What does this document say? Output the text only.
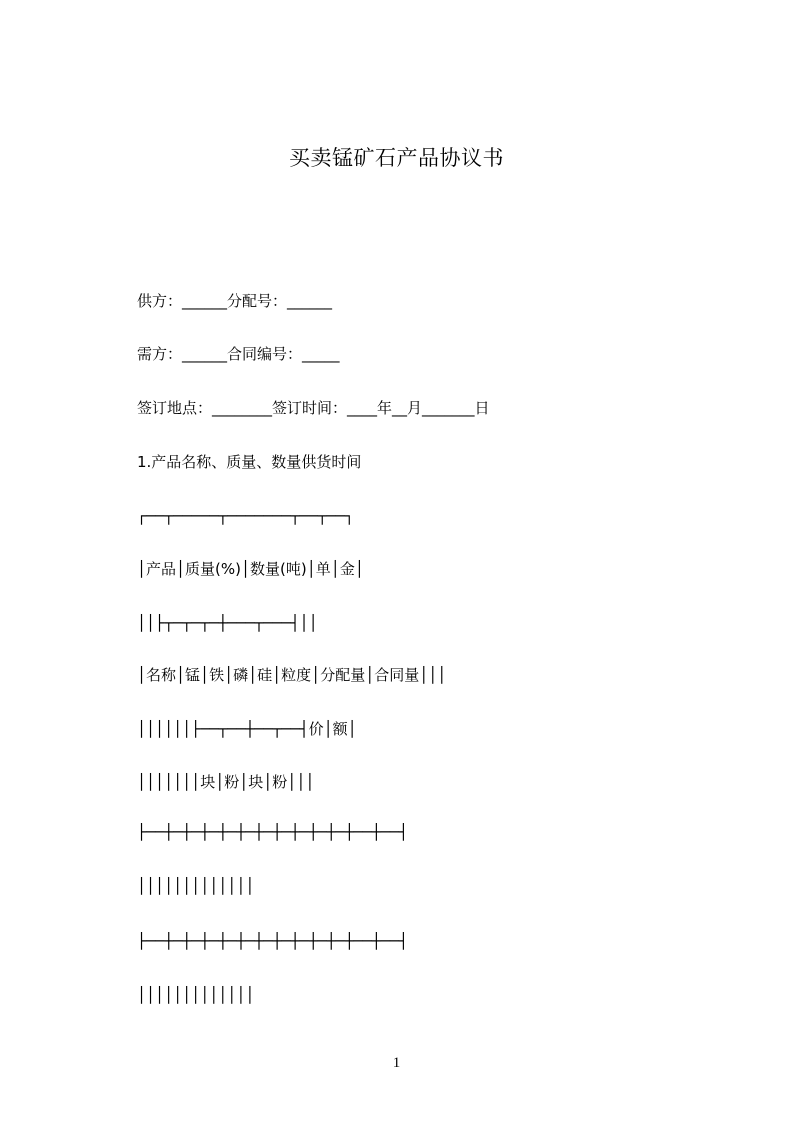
买卖锰矿石产品协议书
供方：______分配号：______
需方：______合同编号：_____
签订地点：________签订时间：____年__月_______日
1.产品名称、质量、数量供货时间
┌──┬─────┬───────┬──┬──┐
│产品│质量(%)│数量(吨)│单│金│
││├┬─┬─┬─┼───┬───┤││
│名称│锰│铁│磷│硅│粒度│分配量│合同量│││
││││││├──┬──┼──┬──┤价│额│
│││││││块│粉│块│粉│││
├──┼─┼─┼─┼─┼─┼─┼─┼─┼─┼─┼──┼──┤
│││││││││││││
├──┼─┼─┼─┼─┼─┼─┼─┼─┼─┼─┼──┼──┤
│││││││││││││
1
